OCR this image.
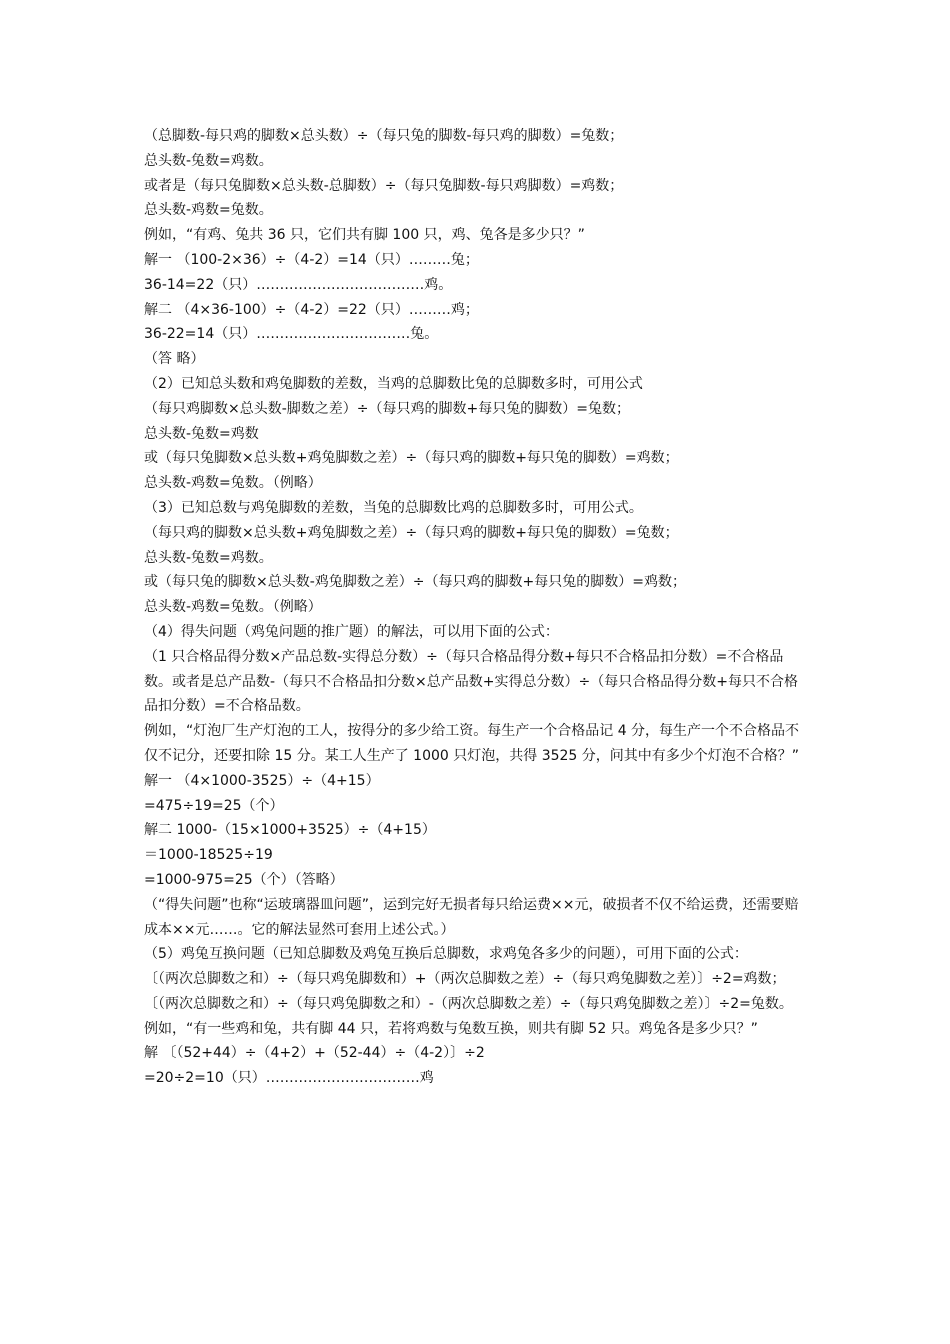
（总脚数-每只鸡的脚数×总头数）÷（每只兔的脚数-每只鸡的脚数）=兔数；

总头数-兔数=鸡数。

或者是（每只兔脚数×总头数-总脚数）÷（每只兔脚数-每只鸡脚数）=鸡数；

总头数-鸡数=兔数。

例如，“有鸡、兔共 36 只，它们共有脚 100 只，鸡、兔各是多少只？”

解一 （100-2×36）÷（4-2）=14（只）………兔；

36-14=22（只）………………………………鸡。

解二 （4×36-100）÷（4-2）=22（只）………鸡；

36-22=14（只）……………………………兔。

（答 略）

（2）已知总头数和鸡兔脚数的差数，当鸡的总脚数比兔的总脚数多时，可用公式

（每只鸡脚数×总头数-脚数之差）÷（每只鸡的脚数+每只兔的脚数）=兔数；

总头数-兔数=鸡数

或（每只兔脚数×总头数+鸡兔脚数之差）÷（每只鸡的脚数+每只兔的脚数）=鸡数；

总头数-鸡数=兔数。（例略）

（3）已知总数与鸡兔脚数的差数，当兔的总脚数比鸡的总脚数多时，可用公式。

（每只鸡的脚数×总头数+鸡兔脚数之差）÷（每只鸡的脚数+每只兔的脚数）=兔数；

总头数-兔数=鸡数。

或（每只兔的脚数×总头数-鸡兔脚数之差）÷（每只鸡的脚数+每只兔的脚数）=鸡数；

总头数-鸡数=兔数。（例略）

（4）得失问题（鸡兔问题的推广题）的解法，可以用下面的公式：

（1 只合格品得分数×产品总数-实得总分数）÷（每只合格品得分数+每只不合格品扣分数）=不合格品数。或者是总产品数-（每只不合格品扣分数×总产品数+实得总分数）÷（每只合格品得分数+每只不合格品扣分数）=不合格品数。

例如，“灯泡厂生产灯泡的工人，按得分的多少给工资。每生产一个合格品记 4 分，每生产一个不合格品不仅不记分，还要扣除 15 分。某工人生产了 1000 只灯泡，共得 3525 分，问其中有多少个灯泡不合格？”

解一 （4×1000-3525）÷（4+15）

=475÷19=25（个）

解二 1000-（15×1000+3525）÷（4+15）

＝1000-18525÷19

=1000-975=25（个）（答略）

（“得失问题”也称“运玻璃器皿问题”，运到完好无损者每只给运费××元，破损者不仅不给运费，还需要赔成本××元……。它的解法显然可套用上述公式。）

（5）鸡兔互换问题（已知总脚数及鸡兔互换后总脚数，求鸡兔各多少的问题），可用下面的公式：

〔（两次总脚数之和）÷（每只鸡兔脚数和）+（两次总脚数之差）÷（每只鸡兔脚数之差）〕÷2=鸡数；

〔（两次总脚数之和）÷（每只鸡兔脚数之和）-（两次总脚数之差）÷（每只鸡兔脚数之差）〕÷2=兔数。

例如，“有一些鸡和兔，共有脚 44 只，若将鸡数与兔数互换，则共有脚 52 只。鸡兔各是多少只？”

解 〔（52+44）÷（4+2）+（52-44）÷（4-2）〕÷2

=20÷2=10（只）……………………………鸡
